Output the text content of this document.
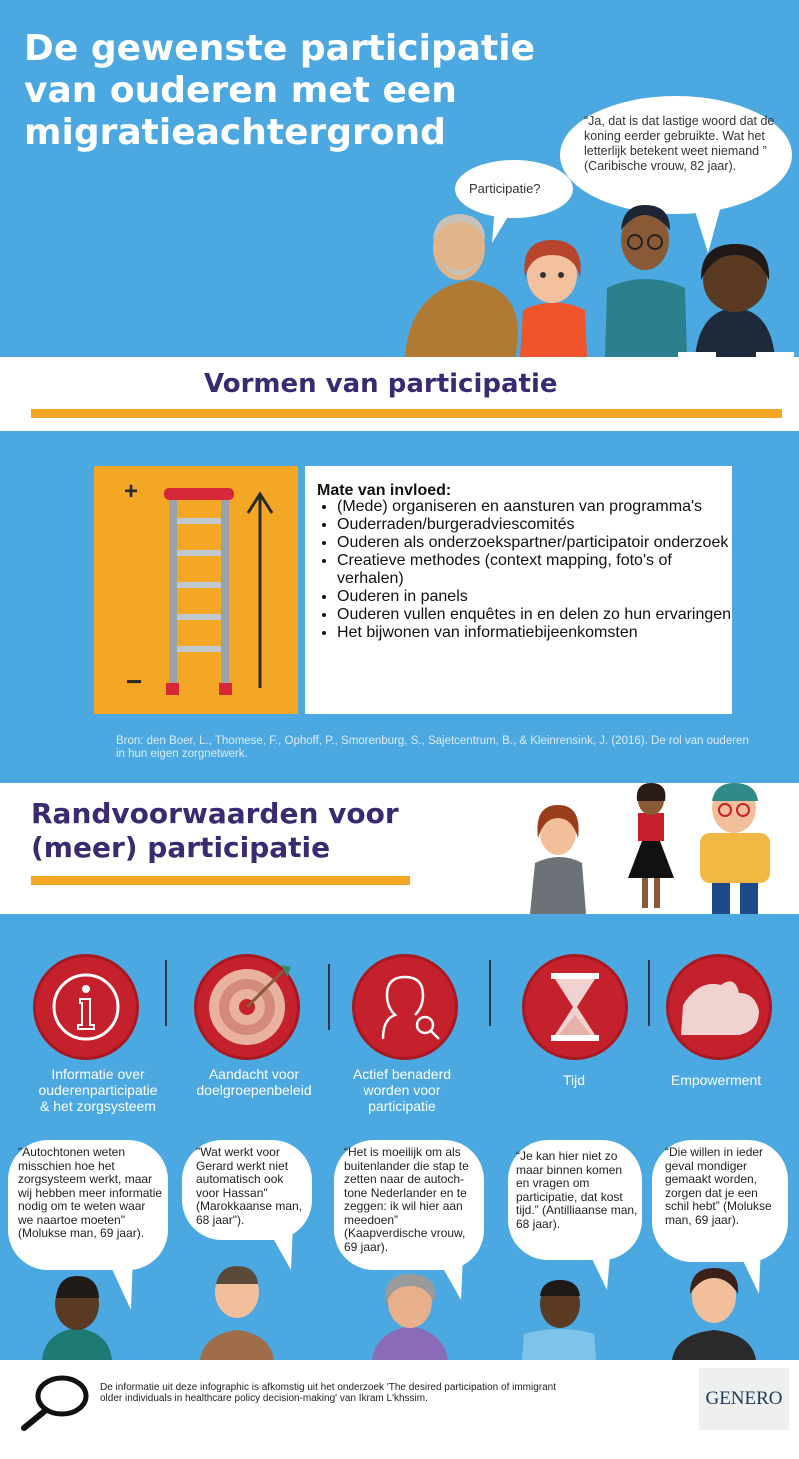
De gewenste participatie
van ouderen met een
migratieachtergrond
Participatie?
“Ja, dat is dat lastige woord dat de koning eerder gebruikte. Wat het letterlijk betekent weet niemand ”
(Caribische vrouw, 82 jaar).
Vormen van participatie
+
−
Mate van invloed:
• (Mede) organiseren en aansturen van programma's
• Ouderraden/burgeradviescomités
• Ouderen als onderzoekspartner/participatoir onderzoek
• Creatieve methodes (context mapping, foto's of verhalen)
• Ouderen in panels
• Ouderen vullen enquêtes in en delen zo hun ervaringen
• Het bijwonen van informatiebijeenkomsten
Bron: den Boer, L., Thomese, F., Ophoff, P., Smorenburg, S., Sajetcentrum, B., & Kleinrensink, J. (2016). De rol van ouderen in hun eigen zorgnetwerk.
Randvoorwaarden voor
(meer) participatie
Informatie over ouderenparticipatie & het zorgsysteem
Aandacht voor doelgroepenbeleid
Actief benaderd worden voor participatie
Tijd	Empowerment
"Autochtonen weten misschien hoe het zorgsysteem werkt, maar wij hebben meer informatie nodig om te weten waar we naartoe moeten" (Molukse man, 69 jaar).
"Wat werkt voor Gerard werkt niet automatisch ook voor Hassan" (Marokkaanse man, 68 jaar").
“Het is moeilijk om als buitenlander die stap te zetten naar de autoch-tone Nederlander en te zeggen: ik wil hier aan meedoen” (Kaapverdische vrouw, 69 jaar).
“Je kan hier niet zo maar binnen komen en vragen om participatie, dat kost tijd.” (Antilliaanse man, 68 jaar).
“Die willen in ieder geval mondiger gemaakt worden, zorgen dat je een schil hebt” (Molukse man, 69 jaar).
De informatie uit deze infographic is afkomstig uit het onderzoek 'The desired participation of immigrant older individuals in healthcare policy decision-making' van Ikram L'khssim.	GENERO
